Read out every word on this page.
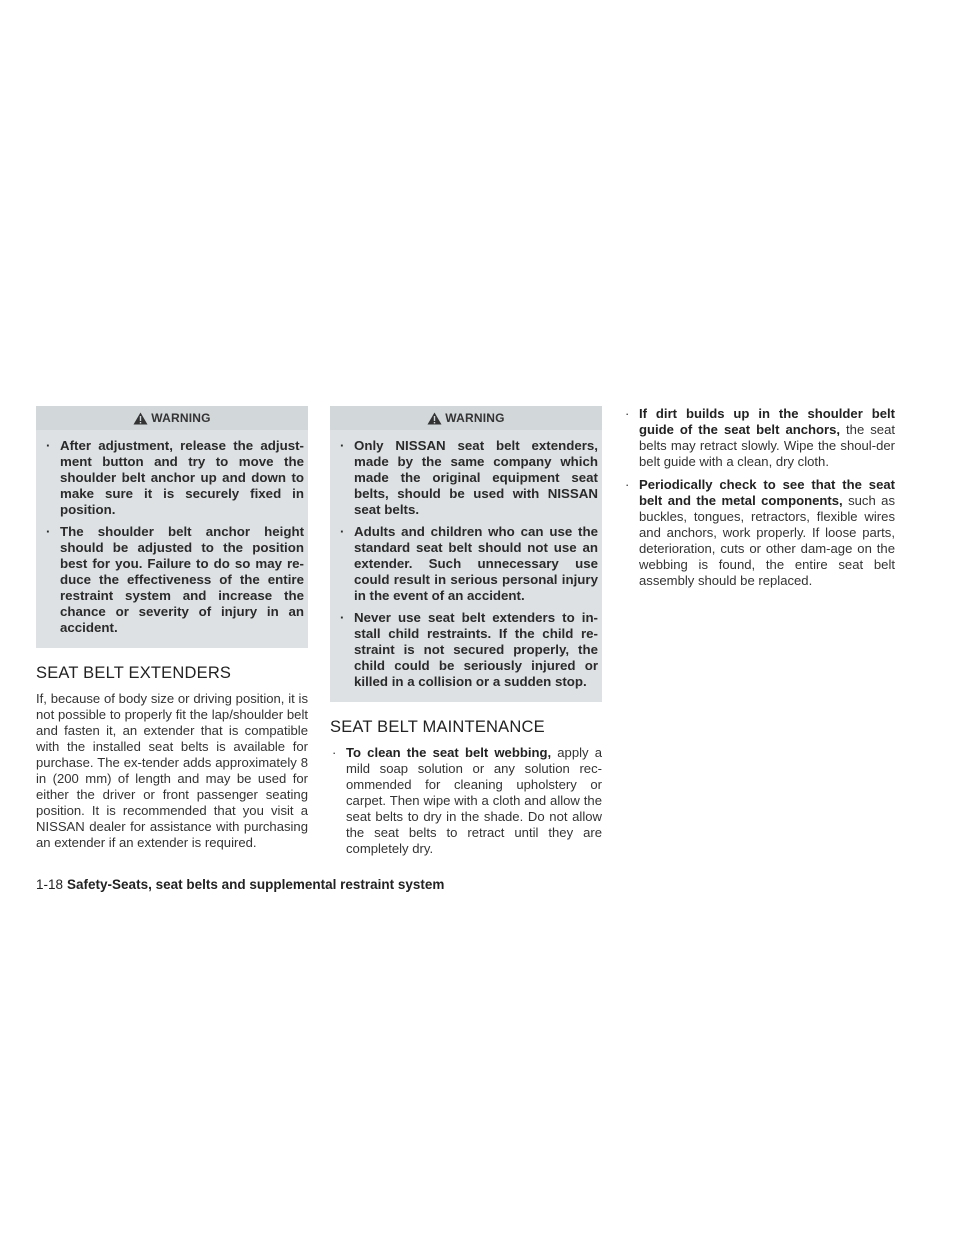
WARNING
· After adjustment, release the adjust-ment button and try to move the shoulder belt anchor up and down to make sure it is securely fixed in position.
· The shoulder belt anchor height should be adjusted to the position best for you. Failure to do so may re-duce the effectiveness of the entire restraint system and increase the chance or severity of injury in an accident.
SEAT BELT EXTENDERS

If, because of body size or driving position, it is not possible to properly fit the lap/shoulder belt and fasten it, an extender that is compatible with the installed seat belts is available for purchase. The ex-tender adds approximately 8 in (200 mm) of length and may be used for either the driver or front passenger seating position. It is recommended that you visit a NISSAN dealer for assistance with purchasing an extender if an extender is required.

WARNING
· Only NISSAN seat belt extenders, made by the same company which made the original equipment seat belts, should be used with NISSAN seat belts.
· Adults and children who can use the standard seat belt should not use an extender. Such unnecessary use could result in serious personal injury in the event of an accident.
· Never use seat belt extenders to in-stall child restraints. If the child re-straint is not secured properly, the child could be seriously injured or killed in a collision or a sudden stop.
SEAT BELT MAINTENANCE
· To clean the seat belt webbing, apply a mild soap solution or any solution rec-ommended for cleaning upholstery or carpet. Then wipe with a cloth and allow the seat belts to dry in the shade. Do not allow the seat belts to retract until they are completely dry.
· If dirt builds up in the shoulder belt guide of the seat belt anchors, the seat belts may retract slowly. Wipe the shoul-der belt guide with a clean, dry cloth.
· Periodically check to see that the seat belt and the metal components, such as buckles, tongues, retractors, flexible wires and anchors, work properly. If loose parts, deterioration, cuts or other dam-age on the webbing is found, the entire seat belt assembly should be replaced.
1-18 Safety-Seats, seat belts and supplemental restraint system
